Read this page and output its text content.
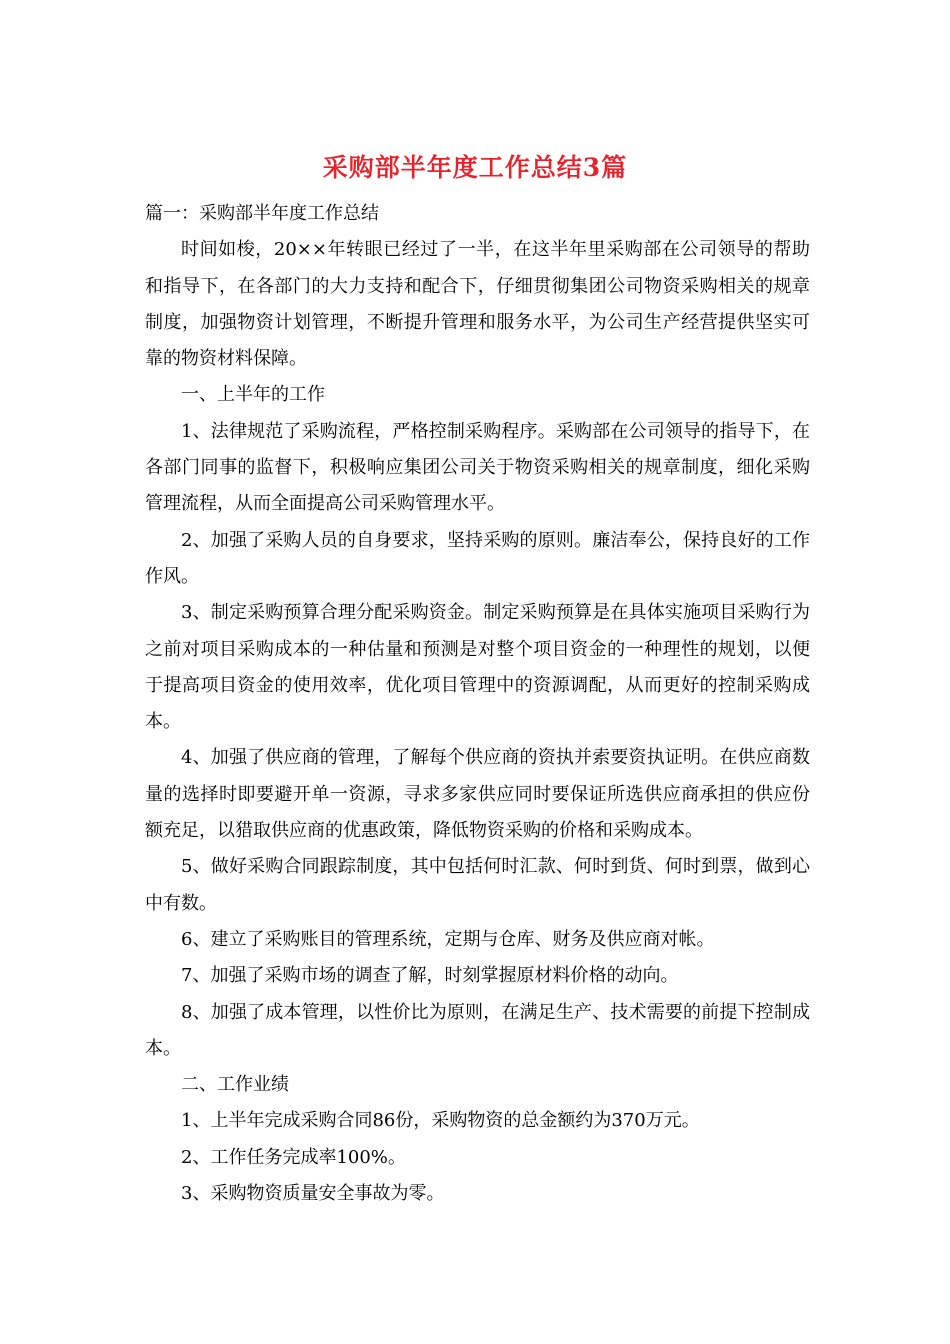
采购部半年度工作总结3篇

篇一：采购部半年度工作总结

时间如梭，20××年转眼已经过了一半，在这半年里采购部在公司领导的帮助和指导下，在各部门的大力支持和配合下，仔细贯彻集团公司物资采购相关的规章制度，加强物资计划管理，不断提升管理和服务水平，为公司生产经营提供坚实可靠的物资材料保障。

一、上半年的工作

1、法律规范了采购流程，严格控制采购程序。采购部在公司领导的指导下，在各部门同事的监督下，积极响应集团公司关于物资采购相关的规章制度，细化采购管理流程，从而全面提高公司采购管理水平。

2、加强了采购人员的自身要求，坚持采购的原则。廉洁奉公，保持良好的工作作风。

3、制定采购预算合理分配采购资金。制定采购预算是在具体实施项目采购行为之前对项目采购成本的一种估量和预测是对整个项目资金的一种理性的规划，以便于提高项目资金的使用效率，优化项目管理中的资源调配，从而更好的控制采购成本。

4、加强了供应商的管理，了解每个供应商的资执并索要资执证明。在供应商数量的选择时即要避开单一资源，寻求多家供应同时要保证所选供应商承担的供应份额充足，以猎取供应商的优惠政策，降低物资采购的价格和采购成本。

5、做好采购合同跟踪制度，其中包括何时汇款、何时到货、何时到票，做到心中有数。

6、建立了采购账目的管理系统，定期与仓库、财务及供应商对帐。

7、加强了采购市场的调查了解，时刻掌握原材料价格的动向。

8、加强了成本管理，以性价比为原则，在满足生产、技术需要的前提下控制成本。

二、工作业绩

1、上半年完成采购合同86份，采购物资的总金额约为370万元。

2、工作任务完成率100%。

3、采购物资质量安全事故为零。
